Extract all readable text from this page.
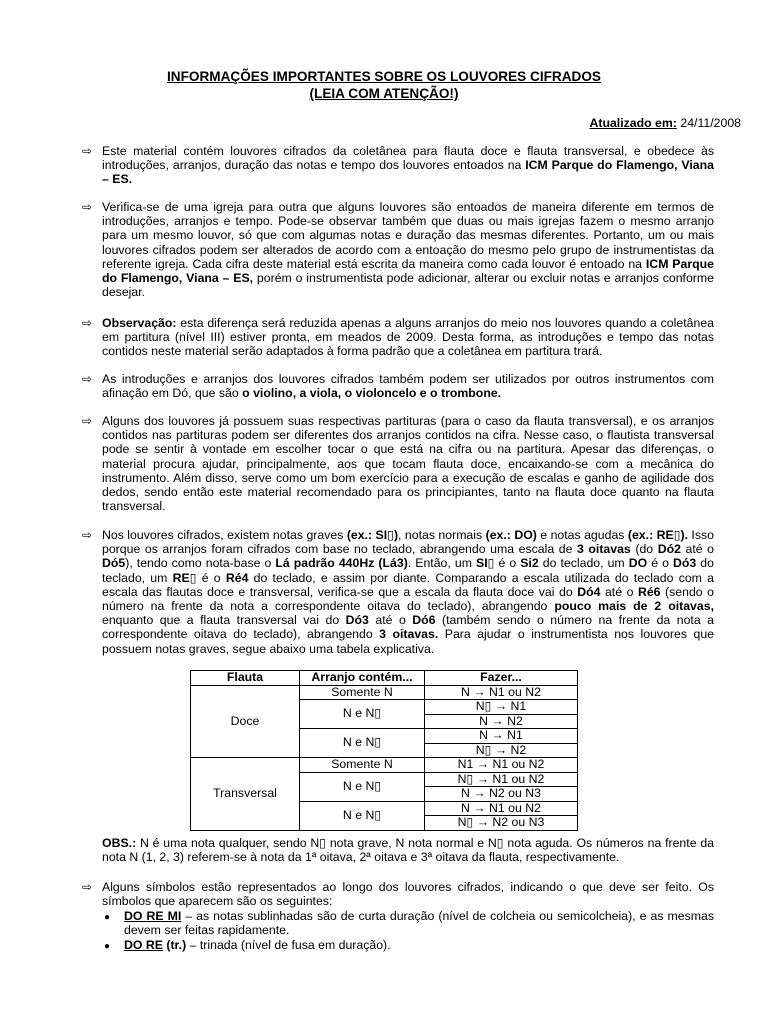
INFORMAÇÕES IMPORTANTES SOBRE OS LOUVORES CIFRADOS
(LEIA COM ATENÇÃO!)
Atualizado em: 24/11/2008
⇨ Este material contém louvores cifrados da coletânea para flauta doce e flauta transversal, e obedece às introduções, arranjos, duração das notas e tempo dos louvores entoados na ICM Parque do Flamengo, Viana – ES.
⇨ Verifica-se de uma igreja para outra que alguns louvores são entoados de maneira diferente em termos de introduções, arranjos e tempo. Pode-se observar também que duas ou mais igrejas fazem o mesmo arranjo para um mesmo louvor, só que com algumas notas e duração das mesmas diferentes. Portanto, um ou mais louvores cifrados podem ser alterados de acordo com a entoação do mesmo pelo grupo de instrumentistas da referente igreja. Cada cifra deste material está escrita da maneira como cada louvor é entoado na ICM Parque do Flamengo, Viana – ES, porém o instrumentista pode adicionar, alterar ou excluir notas e arranjos conforme desejar.
⇨ Observação: esta diferença será reduzida apenas a alguns arranjos do meio nos louvores quando a coletânea em partitura (nível III) estiver pronta, em meados de 2009. Desta forma, as introduções e tempo das notas contidos neste material serão adaptados à forma padrão que a coletânea em partitura trará.
⇨ As introduções e arranjos dos louvores cifrados também podem ser utilizados por outros instrumentos com afinação em Dó, que são o violino, a viola, o violoncelo e o trombone.
⇨ Alguns dos louvores já possuem suas respectivas partituras (para o caso da flauta transversal), e os arranjos contidos nas partituras podem ser diferentes dos arranjos contidos na cifra. Nesse caso, o flautista transversal pode se sentir à vontade em escolher tocar o que está na cifra ou na partitura. Apesar das diferenças, o material procura ajudar, principalmente, aos que tocam flauta doce, encaixando-se com a mecânica do instrumento. Além disso, serve como um bom exercício para a execução de escalas e ganho de agilidade dos dedos, sendo então este material recomendado para os principiantes, tanto na flauta doce quanto na flauta transversal.
⇨ Nos louvores cifrados, existem notas graves (ex.: SI▯), notas normais (ex.: DO) e notas agudas (ex.: RE▯). Isso porque os arranjos foram cifrados com base no teclado, abrangendo uma escala de 3 oitavas (do Dó2 até o Dó5), tendo como nota-base o Lá padrão 440Hz (Lá3). Então, um SI▯ é o Si2 do teclado, um DO é o Dó3 do teclado, um RE▯ é o Ré4 do teclado, e assim por diante. Comparando a escala utilizada do teclado com a escala das flautas doce e transversal, verifica-se que a escala da flauta doce vai do Dó4 até o Ré6 (sendo o número na frente da nota a correspondente oitava do teclado), abrangendo pouco mais de 2 oitavas, enquanto que a flauta transversal vai do Dó3 até o Dó6 (também sendo o número na frente da nota a correspondente oitava do teclado), abrangendo 3 oitavas. Para ajudar o instrumentista nos louvores que possuem notas graves, segue abaixo uma tabela explicativa.
Flauta	Arranjo contém...	Fazer...
Doce	Somente N	N → N1 ou N2
	N e N▯	N▯ → N1
		N → N2
	N e N▯	N → N1
		N▯ → N2
Transversal	Somente N	N1 → N1 ou N2
	N e N▯	N▯ → N1 ou N2
		N → N2 ou N3
	N e N▯	N → N1 ou N2
		N▯ → N2 ou N3
OBS.: N é uma nota qualquer, sendo N▯ nota grave, N nota normal e N▯ nota aguda. Os números na frente da nota N (1, 2, 3) referem-se à nota da 1ª oitava, 2ª oitava e 3ª oitava da flauta, respectivamente.
⇨ Alguns símbolos estão representados ao longo dos louvores cifrados, indicando o que deve ser feito. Os símbolos que aparecem são os seguintes:
● DO RE MI – as notas sublinhadas são de curta duração (nível de colcheia ou semicolcheia), e as mesmas devem ser feitas rapidamente.
● DO RE (tr.) – trinada (nível de fusa em duração).
